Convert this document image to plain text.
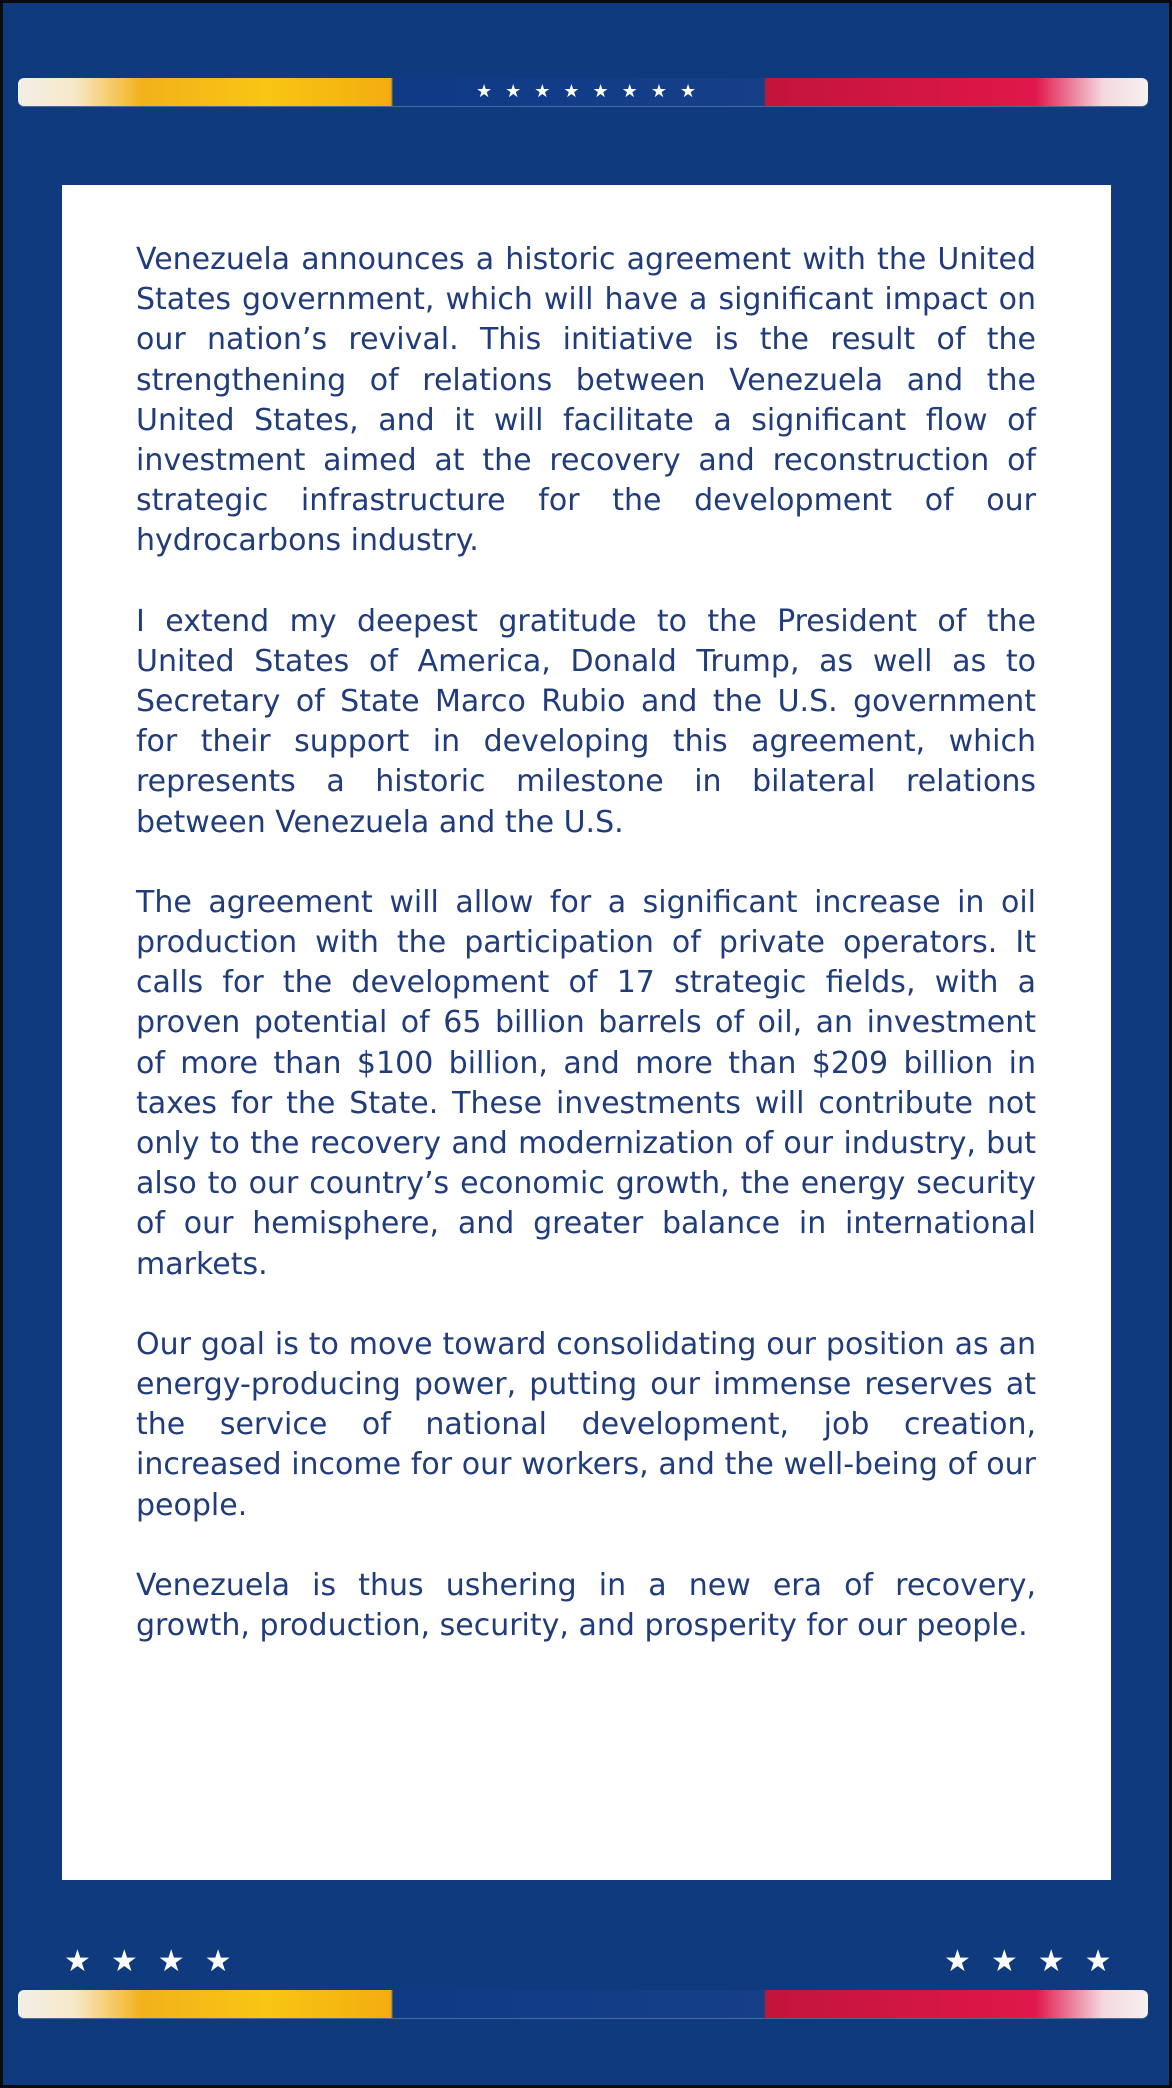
★★★★★★★★

Venezuela announces a historic agreement with the United States government, which will have a significant impact on our nation’s revival. This initiative is the result of the strengthening of relations between Venezuela and the United States, and it will facilitate a significant flow of investment aimed at the recovery and reconstruction of strategic infrastructure for the development of our hydrocarbons industry.

I extend my deepest gratitude to the President of the United States of America, Donald Trump, as well as to Secretary of State Marco Rubio and the U.S. government for their support in developing this agreement, which represents a historic milestone in bilateral relations between Venezuela and the U.S.

The agreement will allow for a significant increase in oil production with the participation of private operators. It calls for the development of 17 strategic fields, with a proven potential of 65 billion barrels of oil, an investment of more than $100 billion, and more than $209 billion in taxes for the State. These investments will contribute not only to the recovery and modernization of our industry, but also to our country’s economic growth, the energy security of our hemisphere, and greater balance in international markets.

Our goal is to move toward consolidating our position as an energy-producing power, putting our immense reserves at the service of national development, job creation, increased income for our workers, and the well-being of our people.

Venezuela is thus ushering in a new era of recovery, growth, production, security, and prosperity for our people.

★★★★	★★★★
